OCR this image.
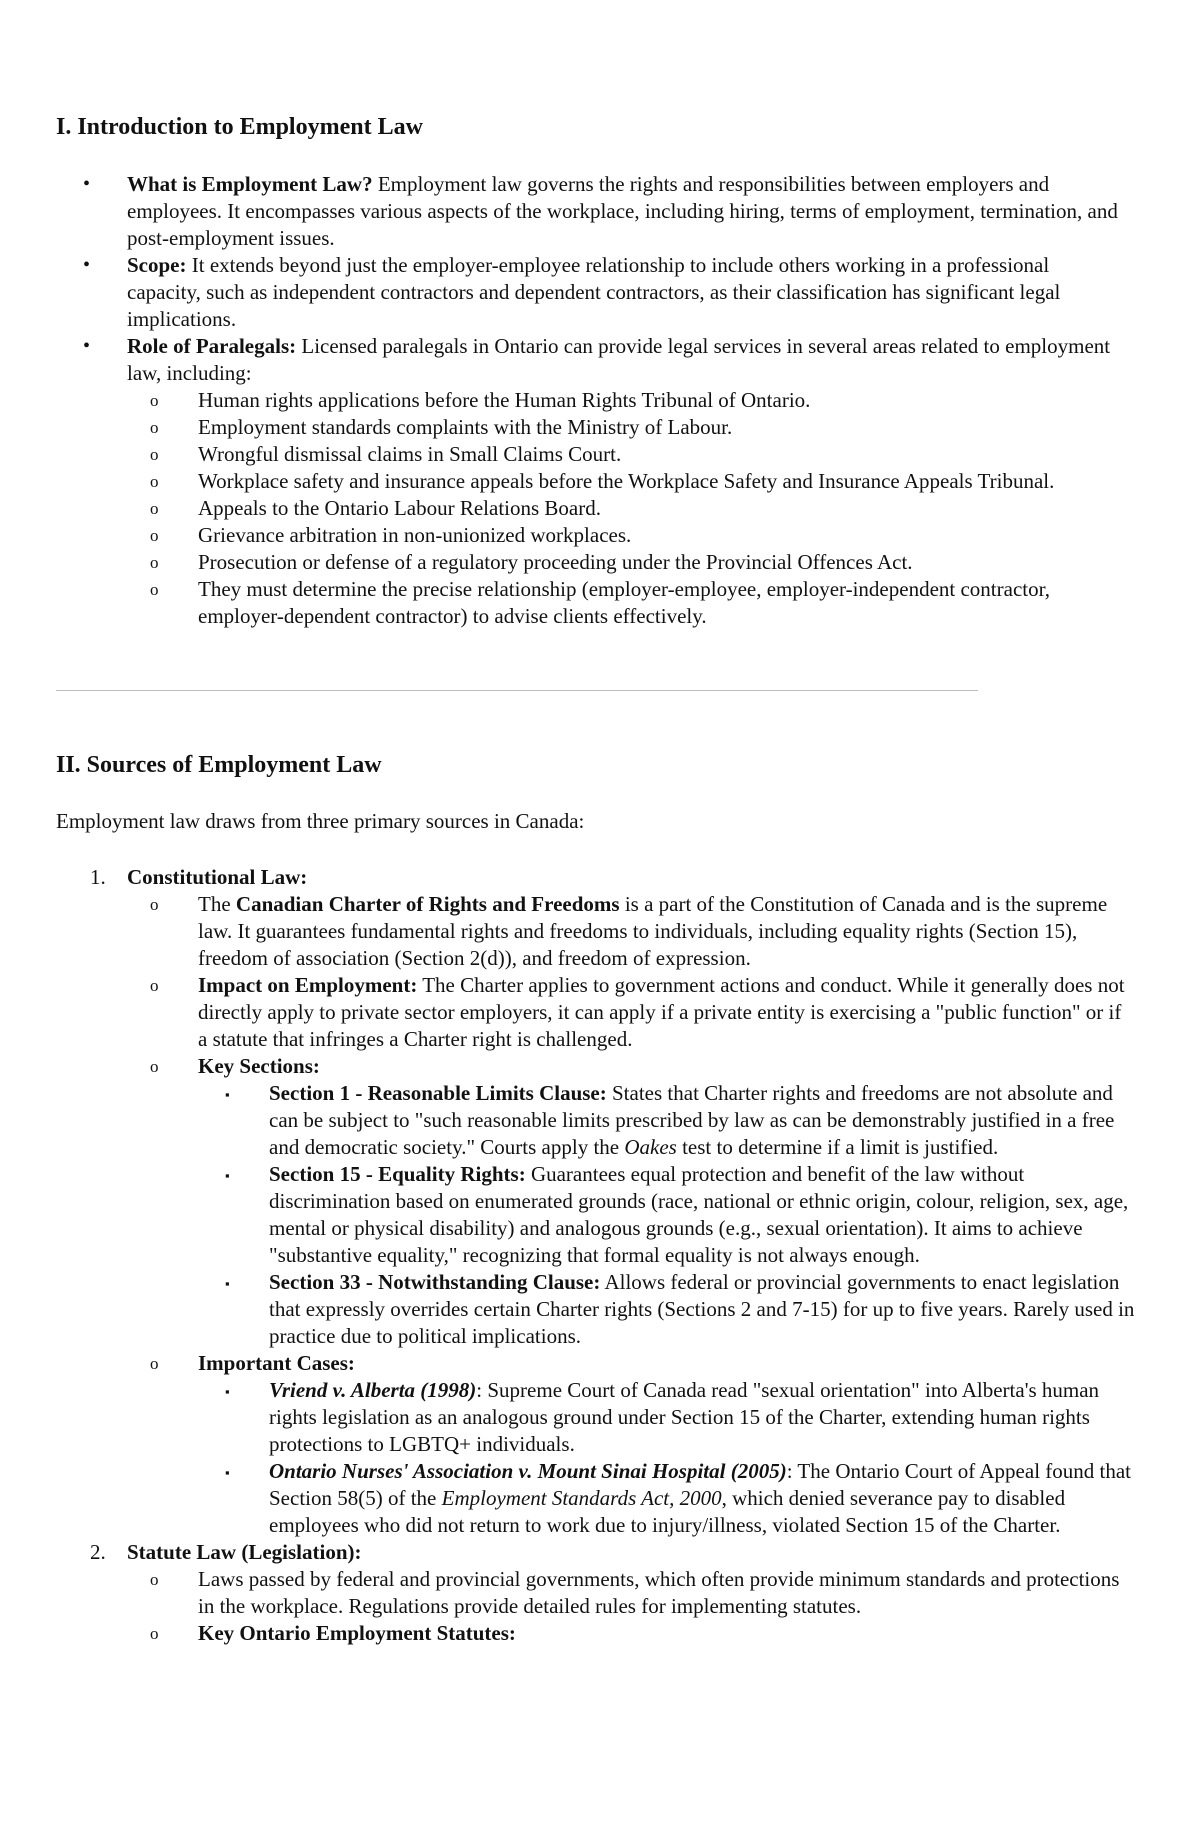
I. Introduction to Employment Law
• What is Employment Law? Employment law governs the rights and responsibilities between employers and employees. It encompasses various aspects of the workplace, including hiring, terms of employment, termination, and post-employment issues.
• Scope: It extends beyond just the employer-employee relationship to include others working in a professional capacity, such as independent contractors and dependent contractors, as their classification has significant legal implications.
• Role of Paralegals: Licensed paralegals in Ontario can provide legal services in several areas related to employment law, including:
o Human rights applications before the Human Rights Tribunal of Ontario.
o Employment standards complaints with the Ministry of Labour.
o Wrongful dismissal claims in Small Claims Court.
o Workplace safety and insurance appeals before the Workplace Safety and Insurance Appeals Tribunal.
o Appeals to the Ontario Labour Relations Board.
o Grievance arbitration in non-unionized workplaces.
o Prosecution or defense of a regulatory proceeding under the Provincial Offences Act.
o They must determine the precise relationship (employer-employee, employer-independent contractor, employer-dependent contractor) to advise clients effectively.
II. Sources of Employment Law

Employment law draws from three primary sources in Canada:

1. Constitutional Law:
o The Canadian Charter of Rights and Freedoms is a part of the Constitution of Canada and is the supreme law. It guarantees fundamental rights and freedoms to individuals, including equality rights (Section 15), freedom of association (Section 2(d)), and freedom of expression.
o Impact on Employment: The Charter applies to government actions and conduct. While it generally does not directly apply to private sector employers, it can apply if a private entity is exercising a "public function" or if a statute that infringes a Charter right is challenged.
o Key Sections:
▪ Section 1 - Reasonable Limits Clause: States that Charter rights and freedoms are not absolute and can be subject to "such reasonable limits prescribed by law as can be demonstrably justified in a free and democratic society." Courts apply the Oakes test to determine if a limit is justified.
▪ Section 15 - Equality Rights: Guarantees equal protection and benefit of the law without discrimination based on enumerated grounds (race, national or ethnic origin, colour, religion, sex, age, mental or physical disability) and analogous grounds (e.g., sexual orientation). It aims to achieve "substantive equality," recognizing that formal equality is not always enough.
▪ Section 33 - Notwithstanding Clause: Allows federal or provincial governments to enact legislation that expressly overrides certain Charter rights (Sections 2 and 7-15) for up to five years. Rarely used in practice due to political implications.
o Important Cases:
▪ Vriend v. Alberta (1998): Supreme Court of Canada read "sexual orientation" into Alberta's human rights legislation as an analogous ground under Section 15 of the Charter, extending human rights protections to LGBTQ+ individuals.
▪ Ontario Nurses' Association v. Mount Sinai Hospital (2005): The Ontario Court of Appeal found that Section 58(5) of the Employment Standards Act, 2000, which denied severance pay to disabled employees who did not return to work due to injury/illness, violated Section 15 of the Charter.
2. Statute Law (Legislation):
o Laws passed by federal and provincial governments, which often provide minimum standards and protections in the workplace. Regulations provide detailed rules for implementing statutes.
o Key Ontario Employment Statutes:
